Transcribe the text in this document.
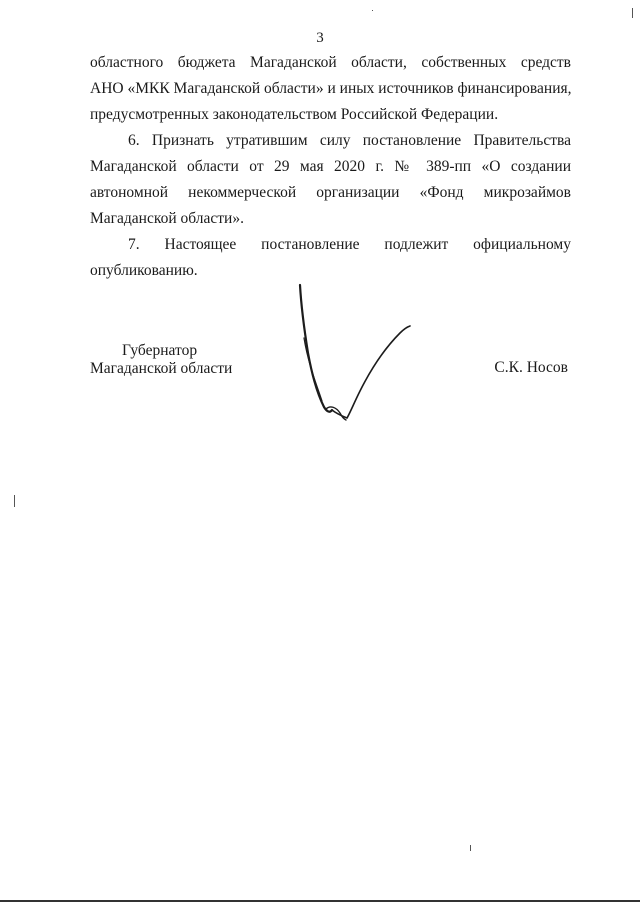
3
областного бюджета Магаданской области, собственных средств
АНО «МКК Магаданской области» и иных источников финансирования,
предусмотренных законодательством Российской Федерации.
6. Признать утратившим силу постановление Правительства
Магаданской области от 29 мая 2020 г. № 389-пп «О создании
автономной некоммерческой организации «Фонд микрозаймов
Магаданской области».
7. Настоящее постановление подлежит официальному
опубликованию.
Губернатор
Магаданской области	С.К. Носов
